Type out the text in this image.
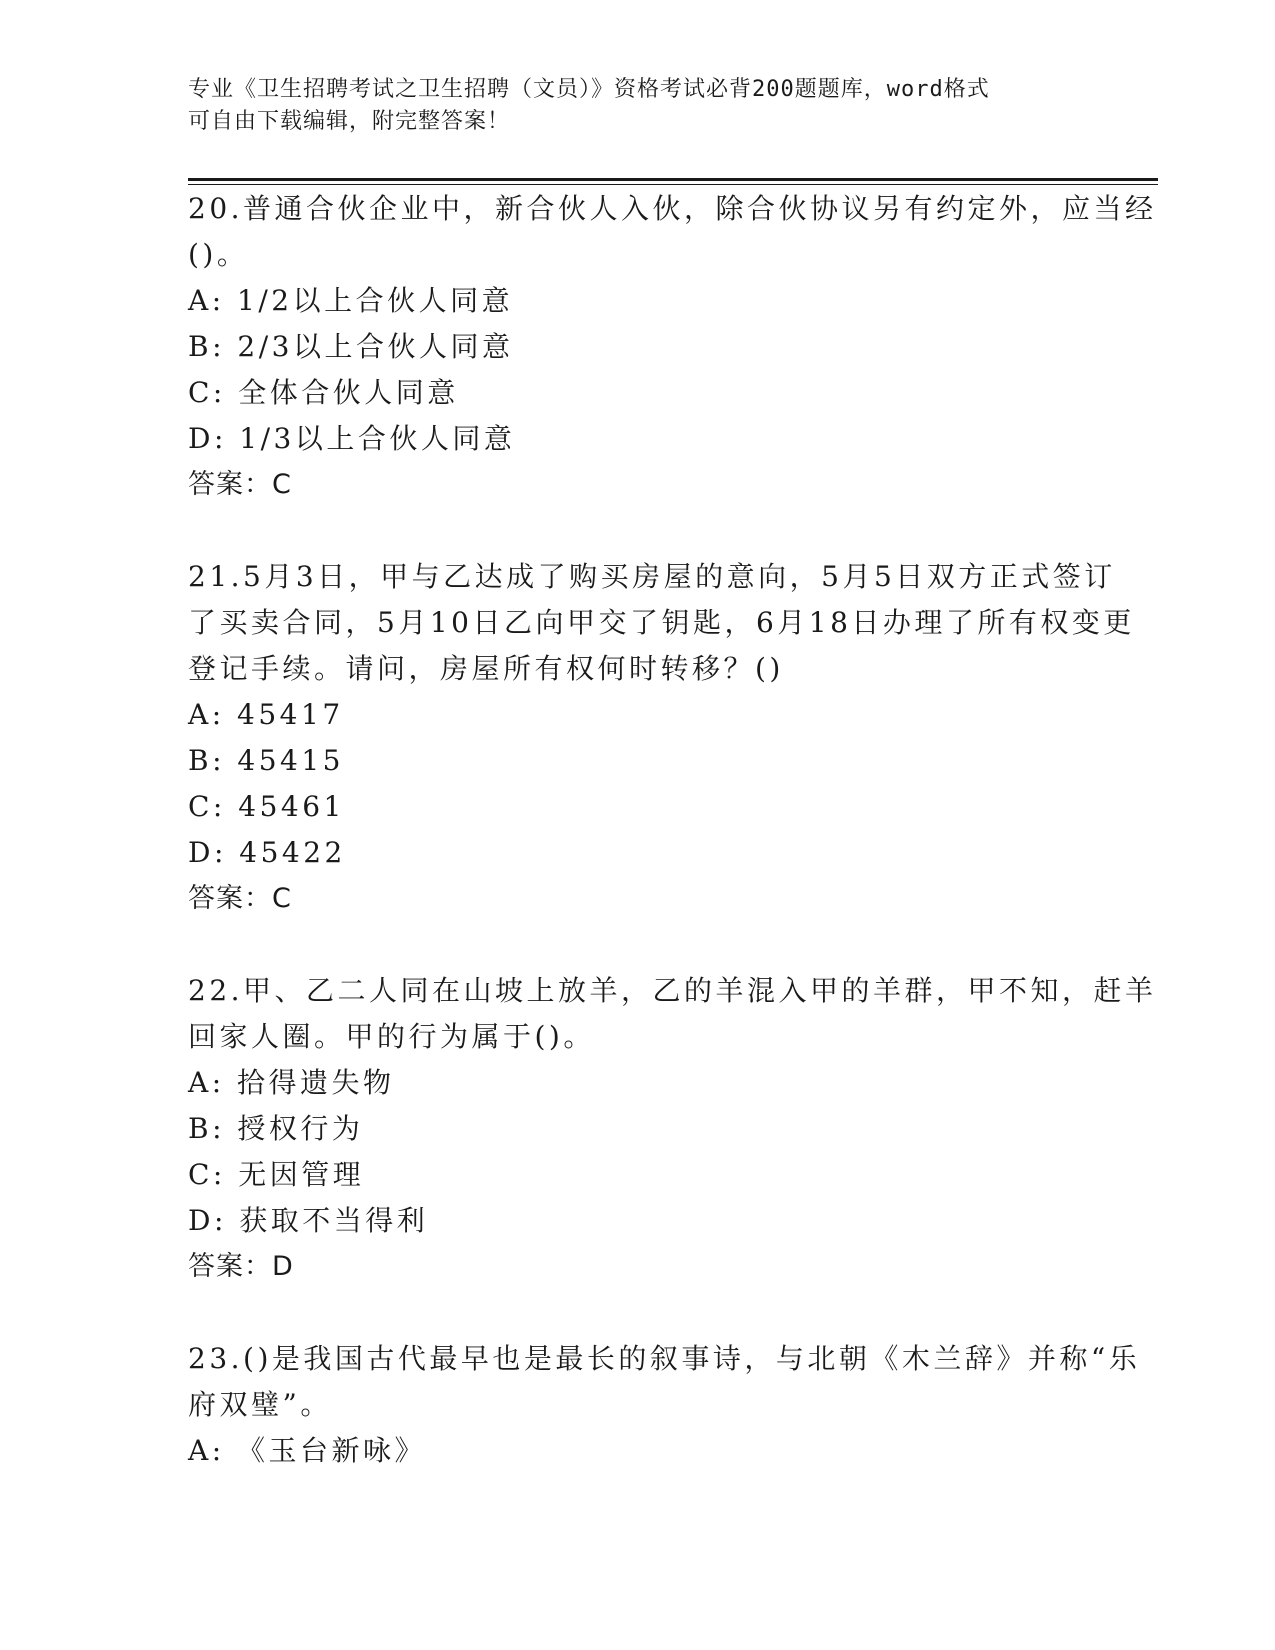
专业《卫生招聘考试之卫生招聘（文员）》资格考试必背200题题库，word格式
可自由下载编辑，附完整答案！
20.普通合伙企业中，新合伙人入伙，除合伙协议另有约定外，应当经
()。
A: 1/2以上合伙人同意
B: 2/3以上合伙人同意
C: 全体合伙人同意
D: 1/3以上合伙人同意
答案：C
21.5月3日，甲与乙达成了购买房屋的意向，5月5日双方正式签订
了买卖合同，5月10日乙向甲交了钥匙，6月18日办理了所有权变更
登记手续。请问，房屋所有权何时转移？()
A: 45417
B: 45415
C: 45461
D: 45422
答案：C
22.甲、乙二人同在山坡上放羊，乙的羊混入甲的羊群，甲不知，赶羊
回家人圈。甲的行为属于()。
A: 拾得遗失物
B: 授权行为
C: 无因管理
D: 获取不当得利
答案：D
23.()是我国古代最早也是最长的叙事诗，与北朝《木兰辞》并称“乐
府双璧”。
A: 《玉台新咏》
